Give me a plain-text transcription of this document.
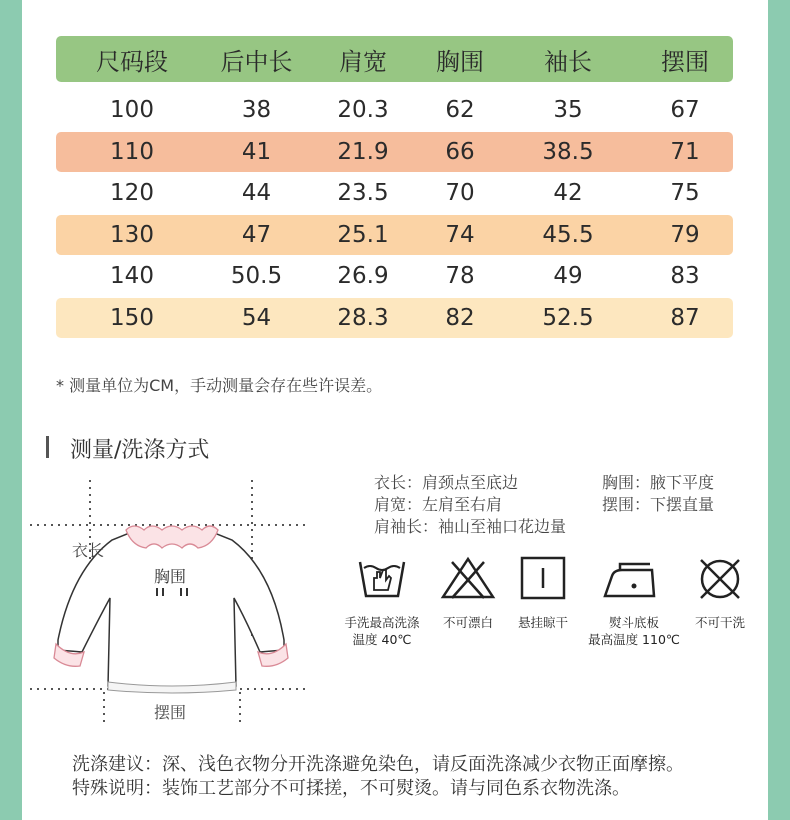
尺码段	后中长	肩宽	胸围	袖长	摆围
100	38	20.3	62	35	67
110	41	21.9	66	38.5	71
120	44	23.5	70	42	75
130	47	25.1	74	45.5	79
140	50.5	26.9	78	49	83
150	54	28.3	82	52.5	87
* 测量单位为CM，手动测量会存在些许误差。
测量/洗涤方式
衣长
胸围
摆围
衣长：肩颈点至底边
肩宽：左肩至右肩
肩袖长：袖山至袖口花边量
胸围：腋下平度
摆围：下摆直量
手洗最高洗涤
温度 40℃
不可漂白	悬挂晾干	熨斗底板
最高温度 110℃
不可干洗
洗涤建议：深、浅色衣物分开洗涤避免染色，请反面洗涤减少衣物正面摩擦。
特殊说明：装饰工艺部分不可揉搓，不可熨烫。请与同色系衣物洗涤。
